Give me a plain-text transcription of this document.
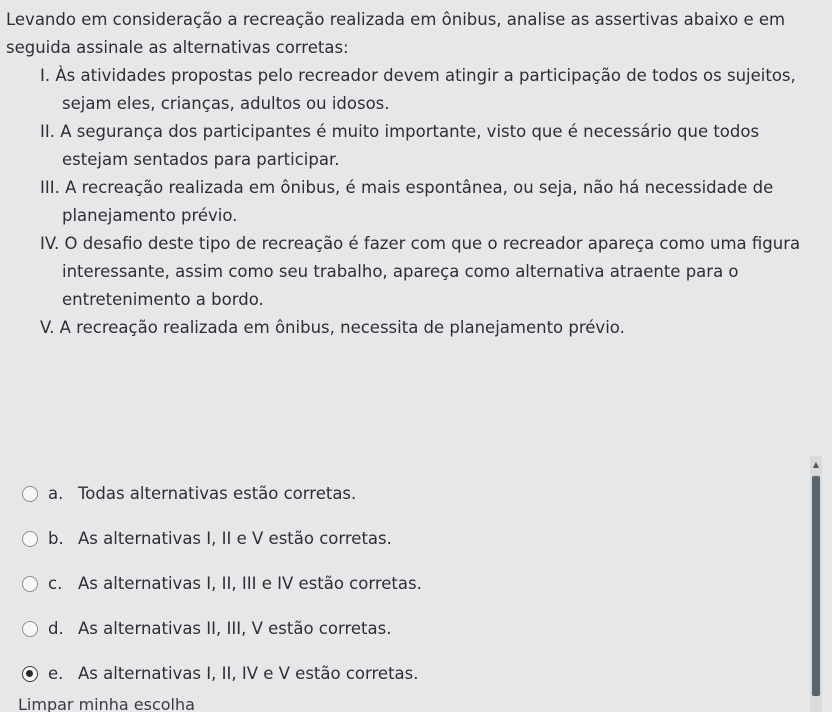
Levando em consideração a recreação realizada em ônibus, analise as assertivas abaixo e em seguida assinale as alternativas corretas:

I. Às atividades propostas pelo recreador devem atingir a participação de todos os sujeitos,
sejam eles, crianças, adultos ou idosos.
II. A segurança dos participantes é muito importante, visto que é necessário que todos
estejam sentados para participar.
III. A recreação realizada em ônibus, é mais espontânea, ou seja, não há necessidade de
planejamento prévio.
IV. O desafio deste tipo de recreação é fazer com que o recreador apareça como uma figura
interessante, assim como seu trabalho, apareça como alternativa atraente para o entretenimento a bordo.
V. A recreação realizada em ônibus, necessita de planejamento prévio.
a. Todas alternativas estão corretas.
b. As alternativas I, II e V estão corretas.
c. As alternativas I, II, III e IV estão corretas.
d. As alternativas II, III, V estão corretas.
e. As alternativas I, II, IV e V estão corretas.
Limpar minha escolha
▲
